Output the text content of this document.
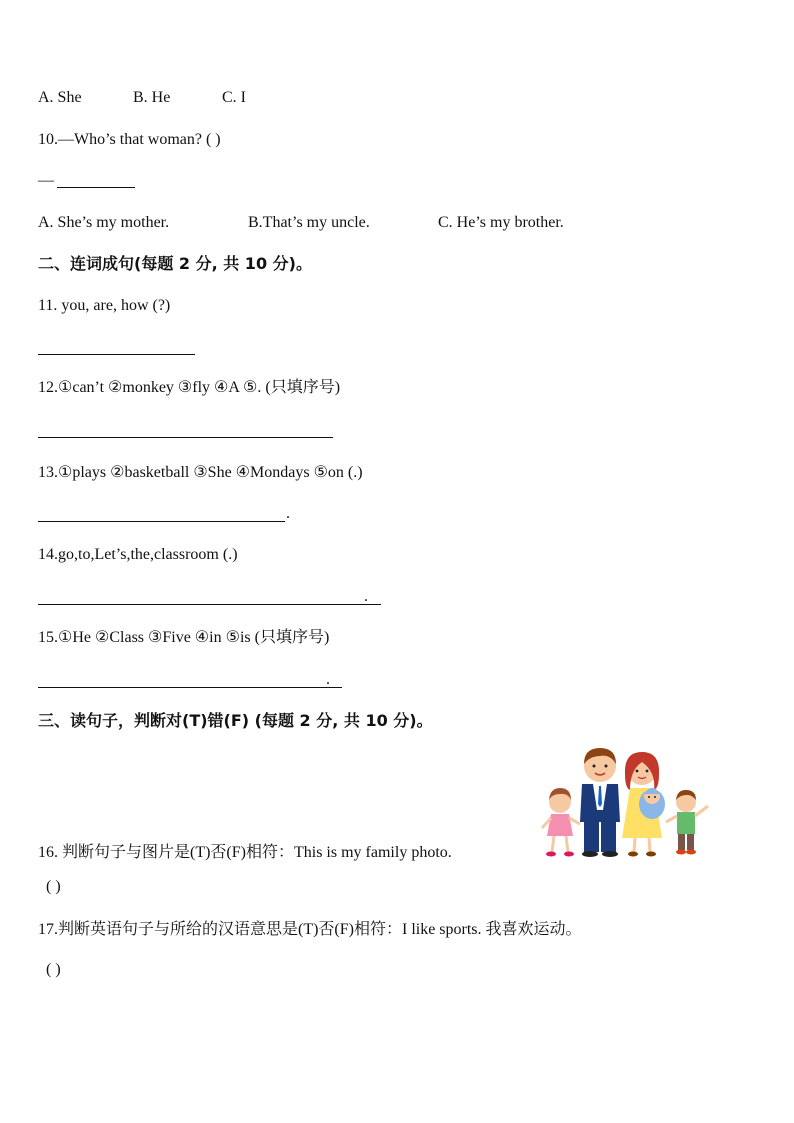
A. She	B. He	C. I
10.—Who’s that woman? ( )
—
A. She’s my mother.	B.That’s my uncle.	C. He’s my brother.
二、连词成句(每题 2 分, 共 10 分)。
11. you, are, how (?)
12.①can’t ②monkey ③fly ④A ⑤. (只填序号)
13.①plays ②basketball ③She ④Mondays ⑤on (.)
.
14.go,to,Let’s,the,classroom (.)
.
15.①He ②Class ③Five ④in ⑤is (只填序号)
.
三、读句子，判断对(T)错(F) (每题 2 分, 共 10 分)。
16. 判断句子与图片是(T)否(F)相符：This is my family photo.
( )
17.判断英语句子与所给的汉语意思是(T)否(F)相符：I like sports. 我喜欢运动。
( )
